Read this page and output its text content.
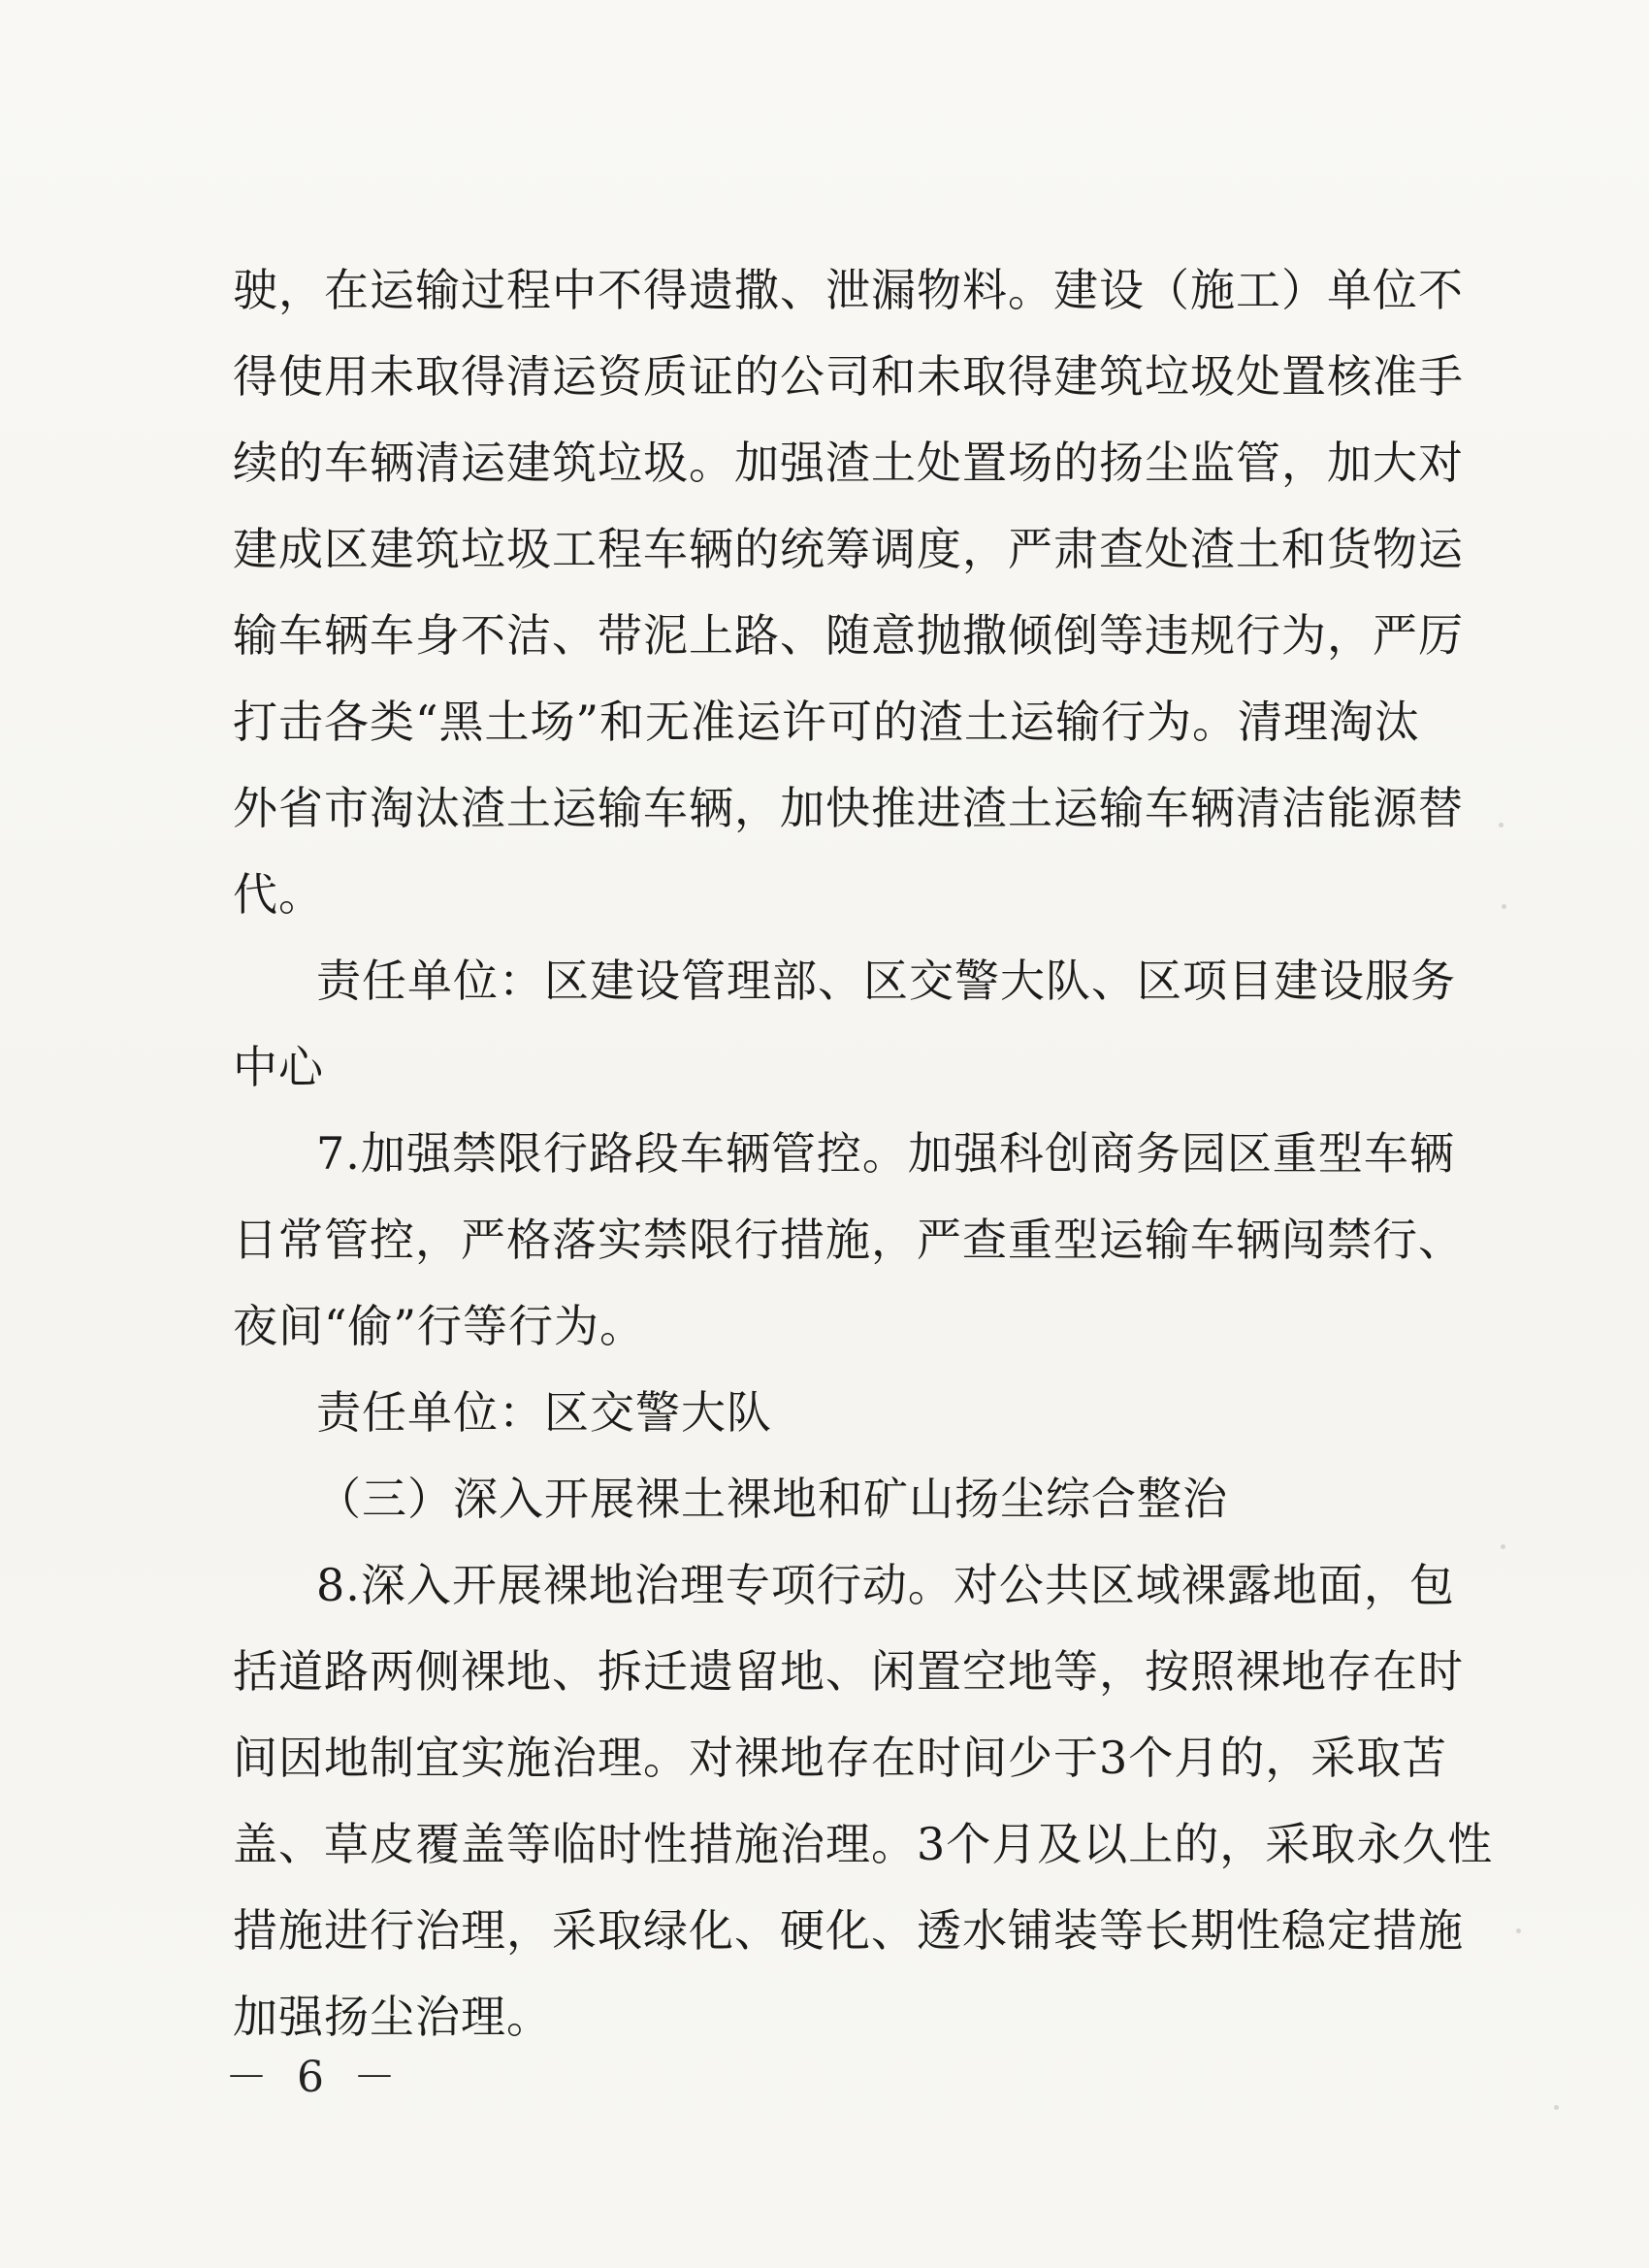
驶，在运输过程中不得遗撒、泄漏物料。建设（施工）单位不
得使用未取得清运资质证的公司和未取得建筑垃圾处置核准手
续的车辆清运建筑垃圾。加强渣土处置场的扬尘监管，加大对
建成区建筑垃圾工程车辆的统筹调度，严肃查处渣土和货物运
输车辆车身不洁、带泥上路、随意抛撒倾倒等违规行为，严厉
打击各类“黑土场”和无准运许可的渣土运输行为。清理淘汰
外省市淘汰渣土运输车辆，加快推进渣土运输车辆清洁能源替
代。
责任单位：区建设管理部、区交警大队、区项目建设服务
中心
7.加强禁限行路段车辆管控。加强科创商务园区重型车辆
日常管控，严格落实禁限行措施，严查重型运输车辆闯禁行、
夜间“偷”行等行为。
责任单位：区交警大队
（三）深入开展裸土裸地和矿山扬尘综合整治
8.深入开展裸地治理专项行动。对公共区域裸露地面，包
括道路两侧裸地、拆迁遗留地、闲置空地等，按照裸地存在时
间因地制宜实施治理。对裸地存在时间少于3个月的，采取苫
盖、草皮覆盖等临时性措施治理。3个月及以上的，采取永久性
措施进行治理，采取绿化、硬化、透水铺装等长期性稳定措施
加强扬尘治理。
－ 6 －
